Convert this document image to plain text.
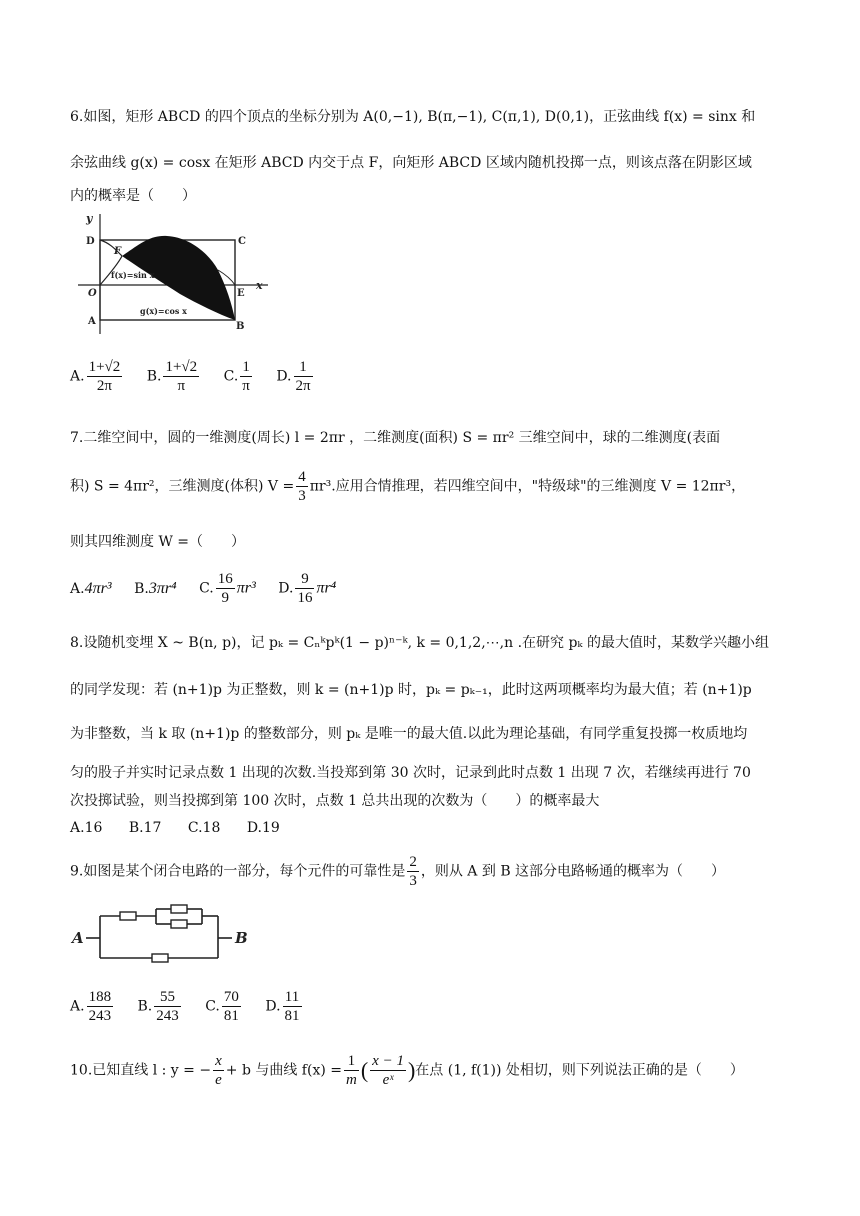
6.如图，矩形 ABCD 的四个顶点的坐标分别为 A(0,−1), B(π,−1), C(π,1), D(0,1)，正弦曲线 f(x) = sinx 和
余弦曲线 g(x) = cosx 在矩形 ABCD 内交于点 F，向矩形 ABCD 区域内随机投掷一点，则该点落在阴影区域
内的概率是（　　）
y
x
D	C
F
O	E
A	B
f(x)=sin x
g(x)=cos x
A. $\frac{1+√2}{2\pi} B$. $\frac{1+√2}{\pi} C$. $\frac{1}{\pi} D$. $\frac{1}{2\pi}$
7.二维空间中，圆的一维测度(周长) l = 2πr ，二维测度(面积) S = πr² 三维空间中，球的二维测度(表面
积) S = 4πr²，三维测度(体积) $V = \frac{4}{3} \pi r^3$.应用合情推理，若四维空间中，"特级球"的三维测度 V = 12πr³，
则其四维测度 W =（　　）
A.4πr³ B.3πr⁴ C. $\frac{16}{9} \pi r^3$ D. $\frac{9}{16} \pi r^4$
8.设随机变埋 X ~ B(n, p)，记 pₖ = Cₙᵏpᵏ(1 − p)ⁿ⁻ᵏ, k = 0,1,2,⋯,n .在研究 pₖ 的最大值时，某数学兴趣小组
的同学发现：若 (n+1)p 为正整数，则 k = (n+1)p 时，pₖ = pₖ₋₁，此时这两项概率均为最大值；若 (n+1)p
为非整数，当 k 取 (n+1)p 的整数部分，则 pₖ 是唯一的最大值.以此为理论基础，有同学重复投掷一枚质地均
匀的股子并实时记录点数 1 出现的次数.当投郑到第 30 次时，记录到此时点数 1 出现 7 次，若继续再进行 70
次投掷试验，则当投掷到第 100 次时，点数 1 总共出现的次数为（　　）的概率最大
A.16 B.17 C.18 D.19
9.如图是某个闭合电路的一部分，每个元件的可靠性是 $\frac{2}{3}$ ，则从 A 到 B 这部分电路畅通的概率为（　　）
A	B
A. $\frac{188}{243} B$. $\frac{55}{243} C$. $\frac{70}{81} D$. $\frac{11}{81}$
10.已知直线 l : y = − $\frac{x}{e} + b$ 与曲线 $f(x) = \frac{1}{m}$ ( $\frac{x - 1}{\text{eˣ}}$ )在点 (1, f(1)) 处相切，则下列说法正确的是（　　）
